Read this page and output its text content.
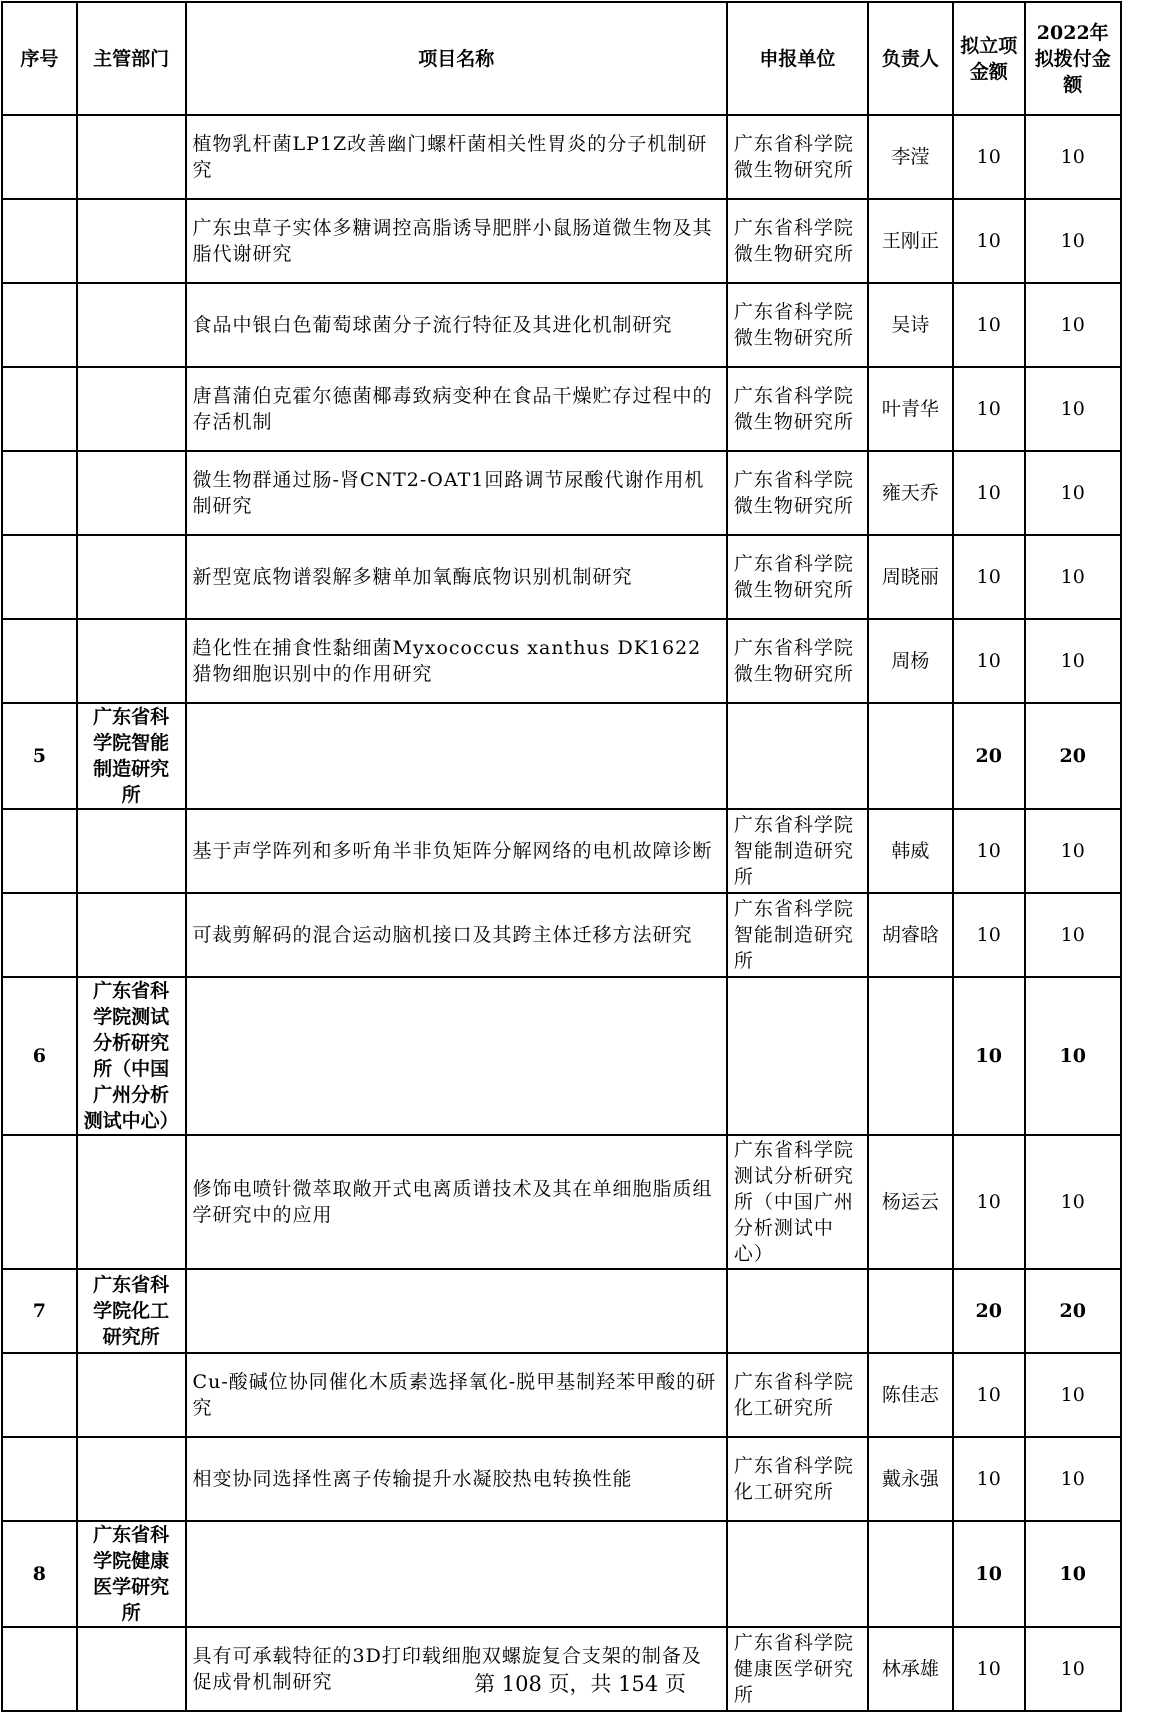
序号	主管部门	项目名称	申报单位	负责人	拟立项金额	2022年拟拨付金额
		植物乳杆菌LP1Z改善幽门螺杆菌相关性胃炎的分子机制研究	广东省科学院微生物研究所	李滢	10	10
		广东虫草子实体多糖调控高脂诱导肥胖小鼠肠道微生物及其脂代谢研究	广东省科学院微生物研究所	王刚正	10	10
		食品中银白色葡萄球菌分子流行特征及其进化机制研究	广东省科学院微生物研究所	吴诗	10	10
		唐菖蒲伯克霍尔德菌椰毒致病变种在食品干燥贮存过程中的存活机制	广东省科学院微生物研究所	叶青华	10	10
		微生物群通过肠-肾CNT2-OAT1回路调节尿酸代谢作用机制研究	广东省科学院微生物研究所	雍天乔	10	10
		新型宽底物谱裂解多糖单加氧酶底物识别机制研究	广东省科学院微生物研究所	周晓丽	10	10
		趋化性在捕食性黏细菌Myxococcus xanthus DK1622猎物细胞识别中的作用研究	广东省科学院微生物研究所	周杨	10	10
5	广东省科学院智能制造研究所				20	20
		基于声学阵列和多听角半非负矩阵分解网络的电机故障诊断	广东省科学院智能制造研究所	韩威	10	10
		可裁剪解码的混合运动脑机接口及其跨主体迁移方法研究	广东省科学院智能制造研究所	胡睿晗	10	10
6	广东省科学院测试分析研究所（中国广州分析测试中心）				10	10
		修饰电喷针微萃取敞开式电离质谱技术及其在单细胞脂质组学研究中的应用	广东省科学院测试分析研究所（中国广州分析测试中心）	杨运云	10	10
7	广东省科学院化工研究所				20	20
		Cu-酸碱位协同催化木质素选择氧化-脱甲基制羟苯甲酸的研究	广东省科学院化工研究所	陈佳志	10	10
		相变协同选择性离子传输提升水凝胶热电转换性能	广东省科学院化工研究所	戴永强	10	10
8	广东省科学院健康医学研究所				10	10
		具有可承载特征的3D打印载细胞双螺旋复合支架的制备及促成骨机制研究	广东省科学院健康医学研究所	林承雄	10	10
第 108 页，共 154 页
